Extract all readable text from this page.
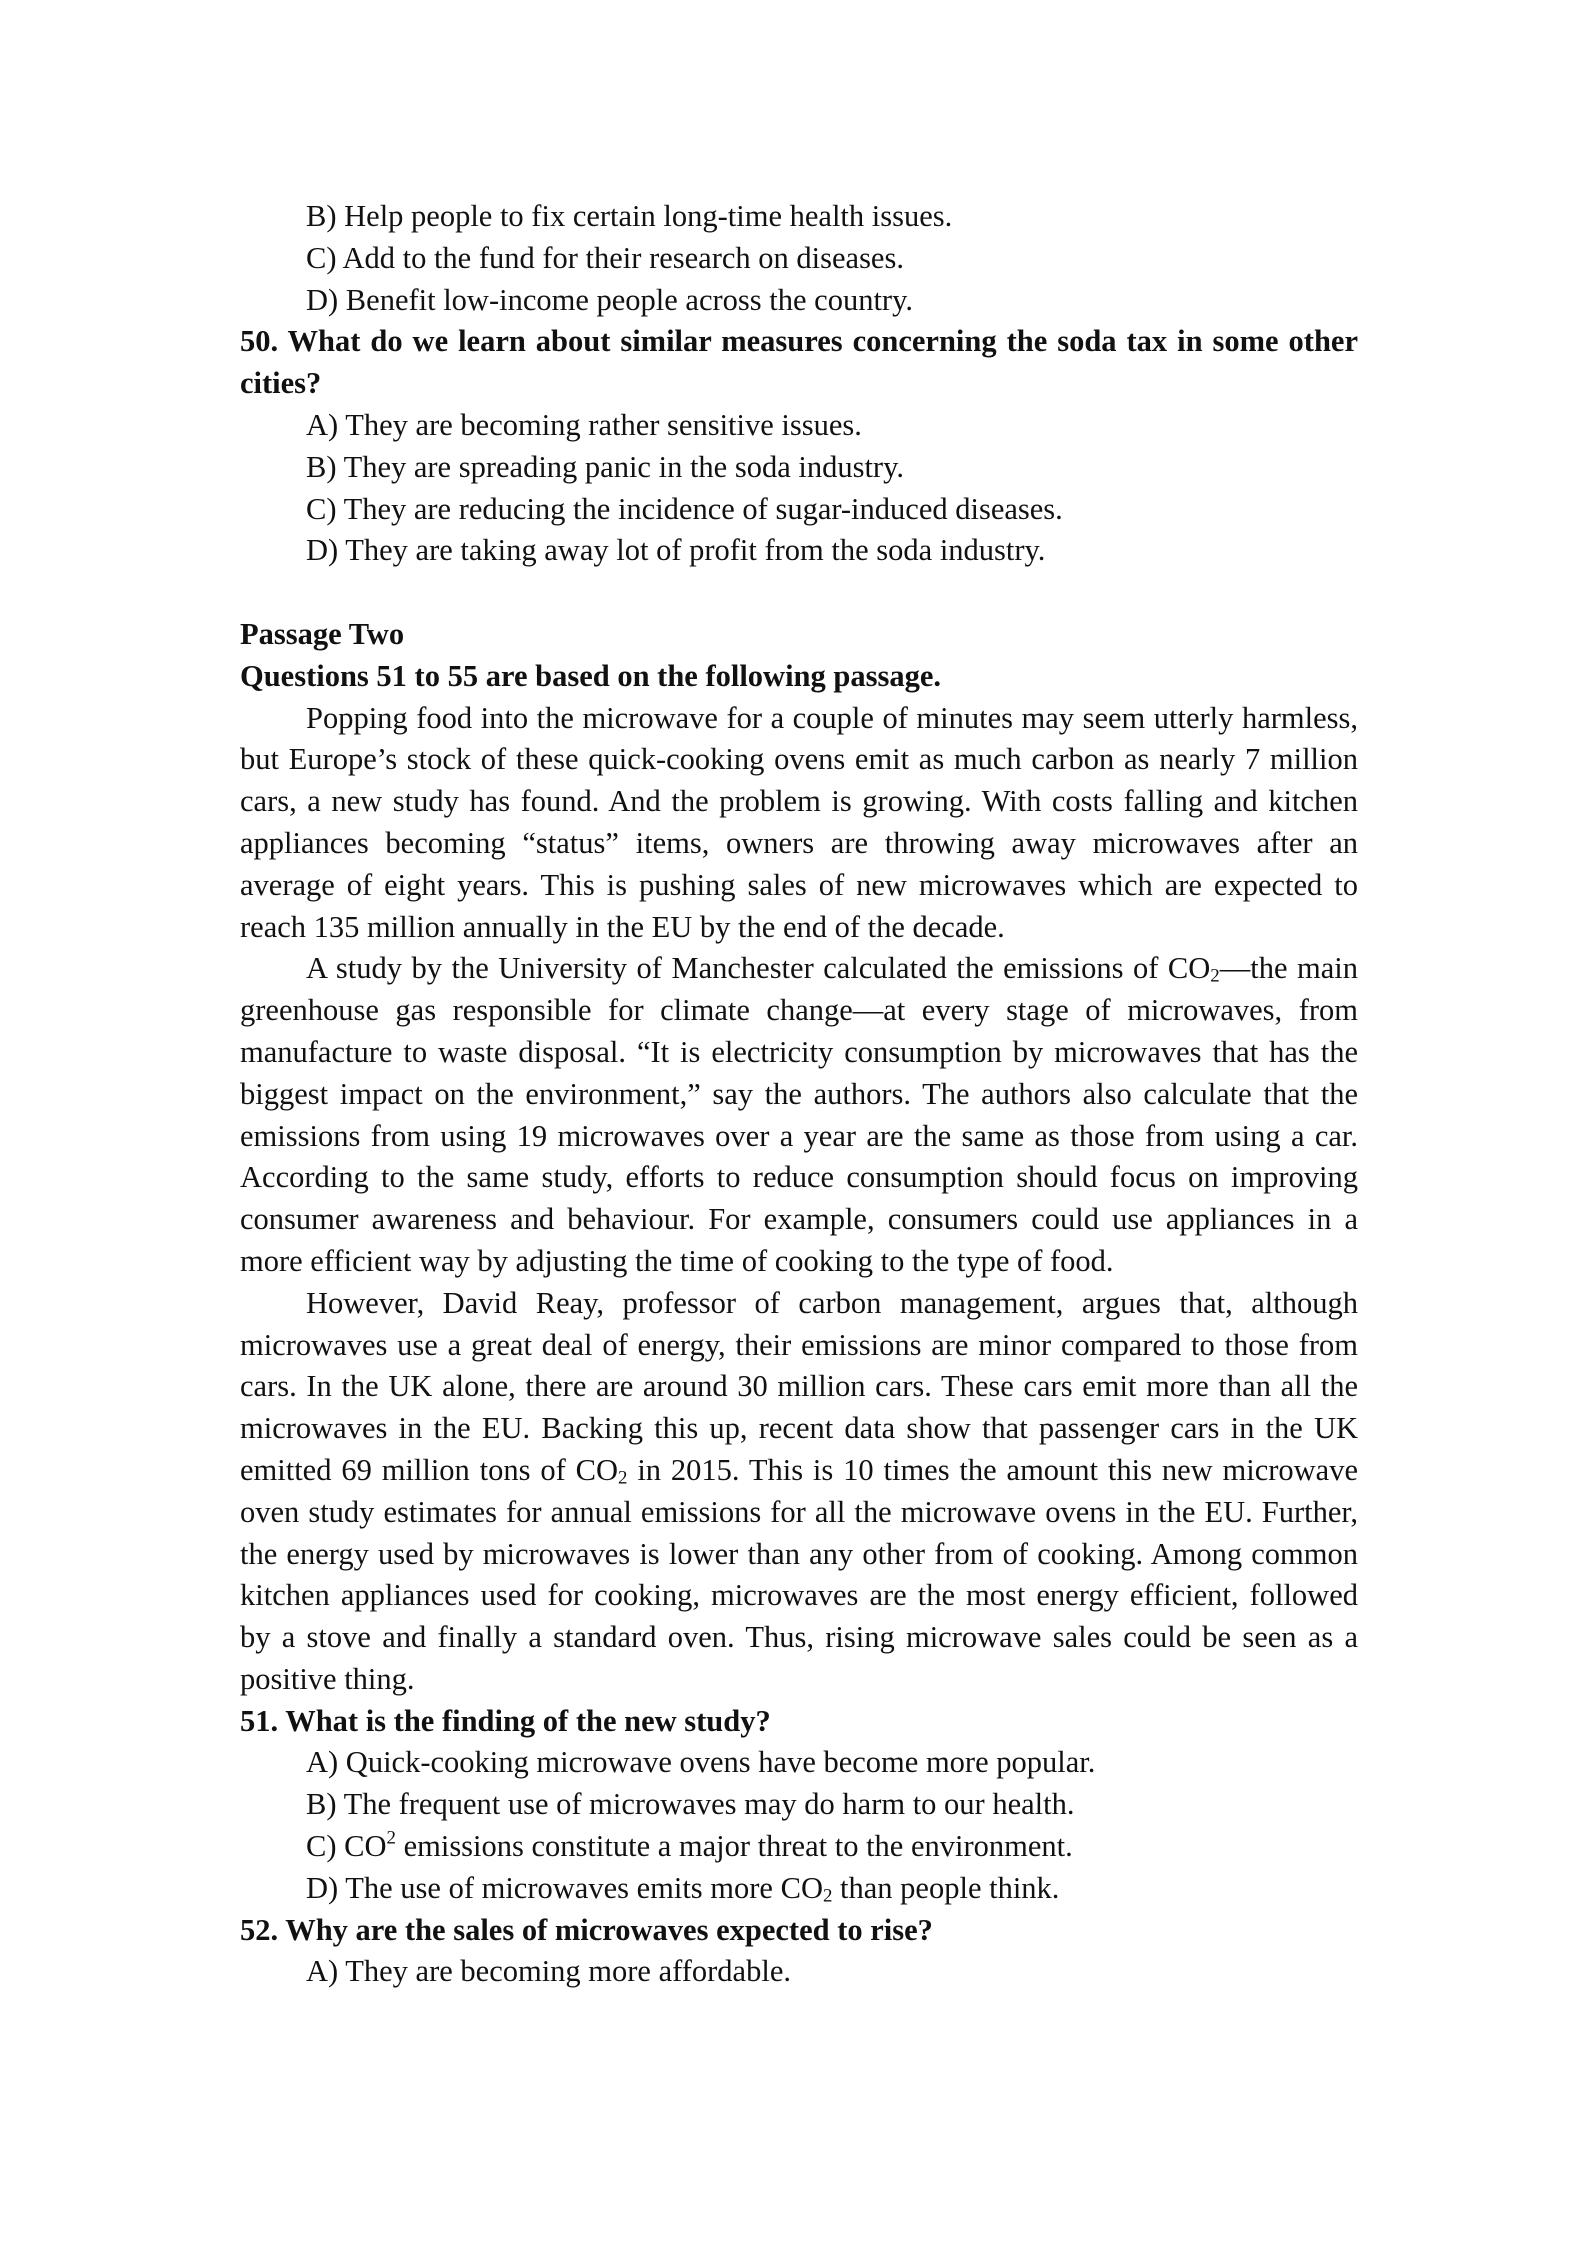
B) Help people to fix certain long-time health issues.
C) Add to the fund for their research on diseases.
D) Benefit low-income people across the country.
50. What do we learn about similar measures concerning the soda tax in some other cities?
A) They are becoming rather sensitive issues.
B) They are spreading panic in the soda industry.
C) They are reducing the incidence of sugar-induced diseases.
D) They are taking away lot of profit from the soda industry.
Passage Two
Questions 51 to 55 are based on the following passage.

Popping food into the microwave for a couple of minutes may seem utterly harmless, but Europe’s stock of these quick-cooking ovens emit as much carbon as nearly 7 million cars, a new study has found. And the problem is growing. With costs falling and kitchen appliances becoming “status” items, owners are throwing away microwaves after an average of eight years. This is pushing sales of new microwaves which are expected to reach 135 million annually in the EU by the end of the decade.

A study by the University of Manchester calculated the emissions of $CO_2—the$ main greenhouse gas responsible for climate change—at every stage of microwaves, from manufacture to waste disposal. “It is electricity consumption by microwaves that has the biggest impact on the environment,” say the authors. The authors also calculate that the emissions from using 19 microwaves over a year are the same as those from using a car. According to the same study, efforts to reduce consumption should focus on improving consumer awareness and behaviour. For example, consumers could use appliances in a more efficient way by adjusting the time of cooking to the type of food.

However, David Reay, professor of carbon management, argues that, although microwaves use a great deal of energy, their emissions are minor compared to those from cars. In the UK alone, there are around 30 million cars. These cars emit more than all the microwaves in the EU. Backing this up, recent data show that passenger cars in the UK emitted 69 million tons of $CO_2$ in 2015. This is 10 times the amount this new microwave oven study estimates for annual emissions for all the microwave ovens in the EU. Further, the energy used by microwaves is lower than any other from of cooking. Among common kitchen appliances used for cooking, microwaves are the most energy efficient, followed by a stove and finally a standard oven. Thus, rising microwave sales could be seen as a positive thing.

51. What is the finding of the new study?
A) Quick-cooking microwave ovens have become more popular.
B) The frequent use of microwaves may do harm to our health.
C) $CO^2$ emissions constitute a major threat to the environment.
D) The use of microwaves emits more $CO_2$ than people think.
52. Why are the sales of microwaves expected to rise?
A) They are becoming more affordable.
